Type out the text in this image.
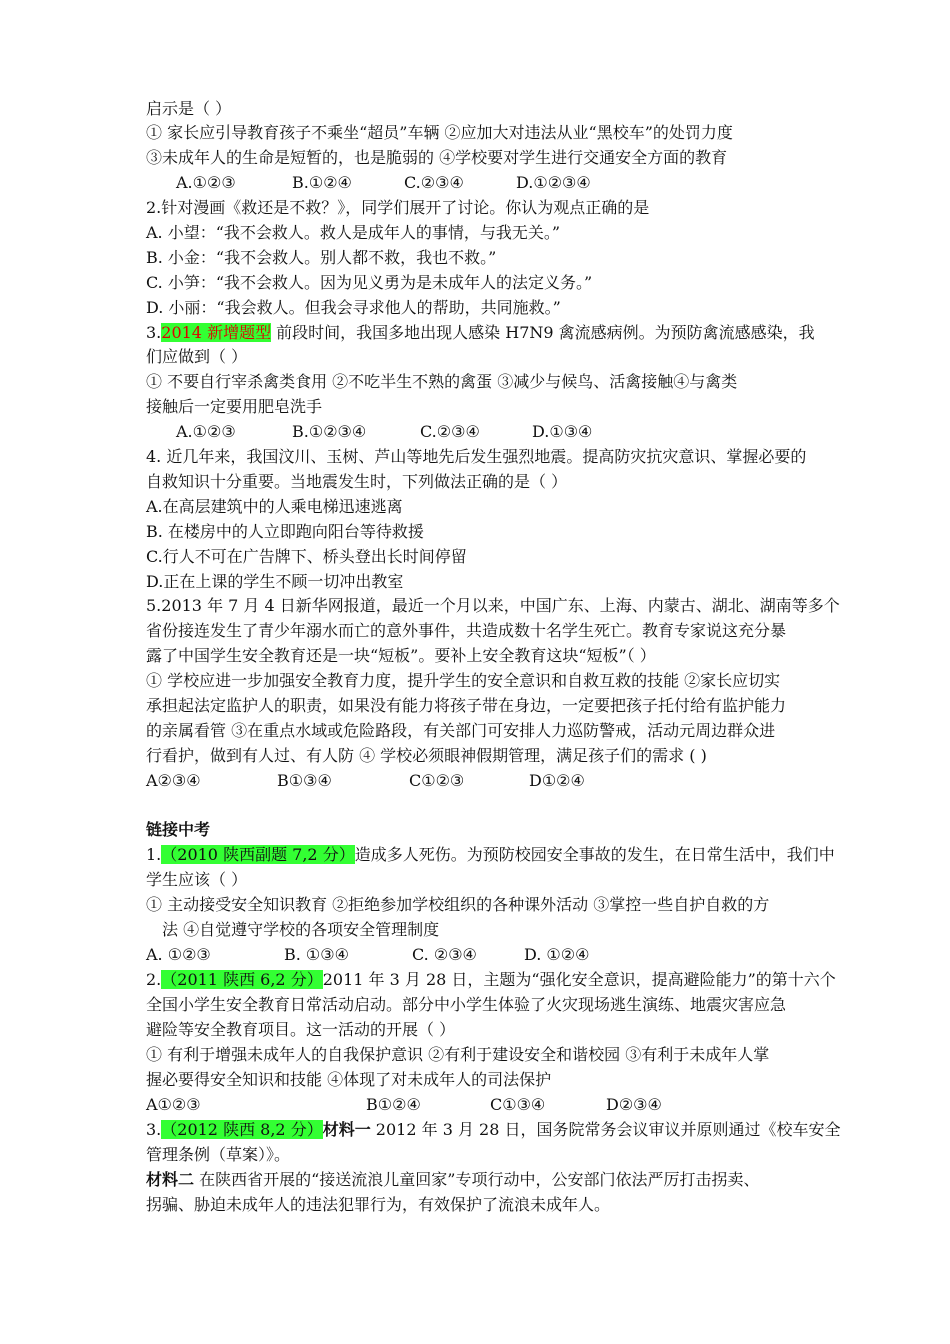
启示是（ ）
① 家长应引导教育孩子不乘坐“超员”车辆 ②应加大对违法从业“黑校车”的处罚力度
③未成年人的生命是短暂的，也是脆弱的 ④学校要对学生进行交通安全方面的教育
A.①②③	B.①②④	C.②③④	D.①②③④
2.针对漫画《救还是不救？》，同学们展开了讨论。你认为观点正确的是
A. 小望：“我不会救人。救人是成年人的事情，与我无关。”
B. 小金：“我不会救人。别人都不救，我也不救。”
C. 小笋：“我不会救人。因为见义勇为是未成年人的法定义务。”
D. 小丽：“我会救人。但我会寻求他人的帮助，共同施救。”
3.2014 新增题型 前段时间，我国多地出现人感染 H7N9 禽流感病例。为预防禽流感感染，我
们应做到（ ）
① 不要自行宰杀禽类食用 ②不吃半生不熟的禽蛋 ③减少与候鸟、活禽接触④与禽类
接触后一定要用肥皂洗手
A.①②③	B.①②③④	C.②③④	D.①③④
4. 近几年来，我国汶川、玉树、芦山等地先后发生强烈地震。提高防灾抗灾意识、掌握必要的
自救知识十分重要。当地震发生时，下列做法正确的是（ ）
A.在高层建筑中的人乘电梯迅速逃离
B. 在楼房中的人立即跑向阳台等待救援
C.行人不可在广告牌下、桥头登出长时间停留
D.正在上课的学生不顾一切冲出教室
5.2013 年 7 月 4 日新华网报道，最近一个月以来，中国广东、上海、内蒙古、湖北、湖南等多个
省份接连发生了青少年溺水而亡的意外事件，共造成数十名学生死亡。教育专家说这充分暴
露了中国学生安全教育还是一块“短板”。要补上安全教育这块“短板”（ ）
① 学校应进一步加强安全教育力度，提升学生的安全意识和自救互救的技能 ②家长应切实
承担起法定监护人的职责，如果没有能力将孩子带在身边，一定要把孩子托付给有监护能力
的亲属看管 ③在重点水域或危险路段，有关部门可安排人力巡防警戒，活动元周边群众进
行看护，做到有人过、有人防 ④ 学校必须眼神假期管理，满足孩子们的需求 ( )
A②③④	B①③④	C①②③	D①②④
链接中考
1.（2010 陕西副题 7,2 分）造成多人死伤。为预防校园安全事故的发生，在日常生活中，我们中
学生应该（ ）
① 主动接受安全知识教育 ②拒绝参加学校组织的各种课外活动 ③掌控一些自护自救的方
法 ④自觉遵守学校的各项安全管理制度
A. ①②③	B. ①③④	C. ②③④	D. ①②④
2.（2011 陕西 6,2 分）2011 年 3 月 28 日，主题为“强化安全意识，提高避险能力”的第十六个
全国小学生安全教育日常活动启动。部分中小学生体验了火灾现场逃生演练、地震灾害应急
避险等安全教育项目。这一活动的开展（ ）
① 有利于增强未成年人的自我保护意识 ②有利于建设安全和谐校园 ③有利于未成年人掌
握必要得安全知识和技能 ④体现了对未成年人的司法保护
A①②③	B①②④	C①③④	D②③④
3.（2012 陕西 8,2 分）材料一 2012 年 3 月 28 日，国务院常务会议审议并原则通过《校车安全
管理条例（草案）》。
材料二 在陕西省开展的“接送流浪儿童回家”专项行动中，公安部门依法严厉打击拐卖、
拐骗、胁迫未成年人的违法犯罪行为，有效保护了流浪未成年人。
